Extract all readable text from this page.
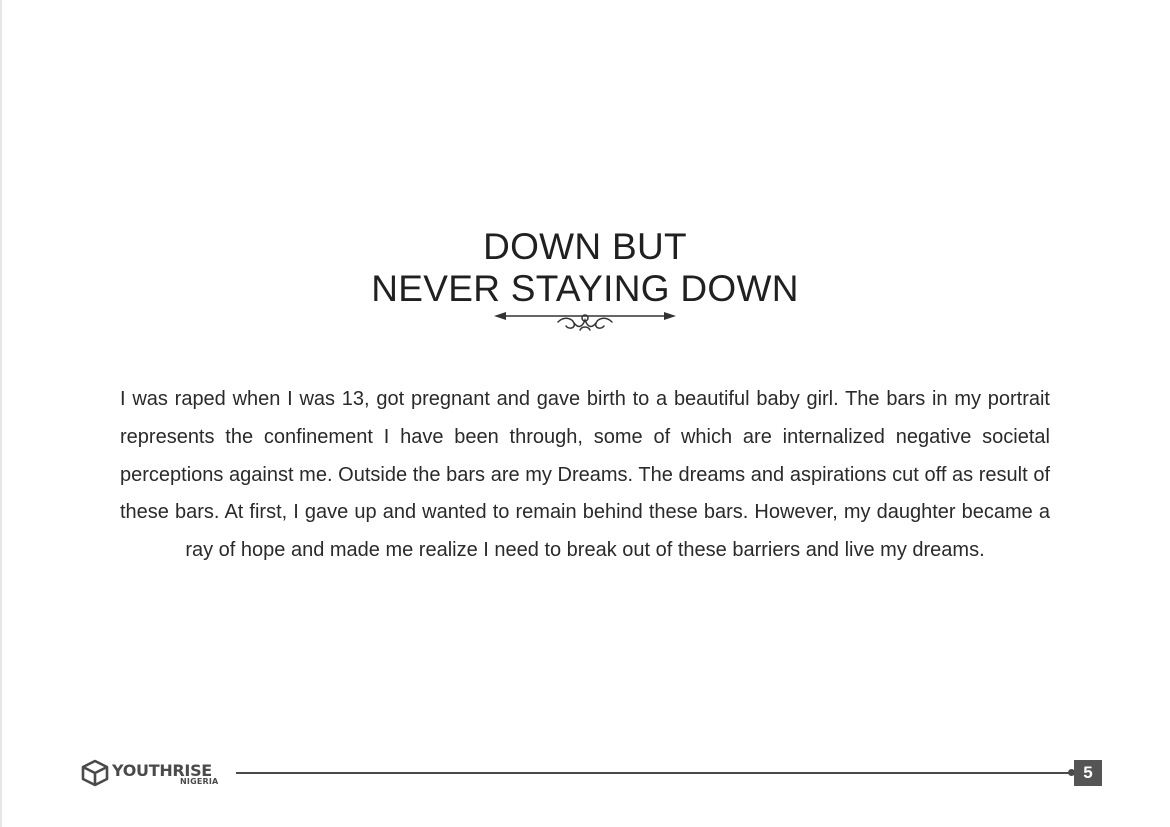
DOWN BUT
NEVER STAYING DOWN

I was raped when I was 13, got pregnant and gave birth to a beautiful baby girl. The bars in my portrait represents the confinement I have been through, some of which are internalized negative societal perceptions against me. Outside the bars are my Dreams. The dreams and aspirations cut off as result of these bars. At first, I gave up and wanted to remain behind these bars. However, my daughter became a ray of hope and made me realize I need to break out of these barriers and live my dreams.

YOUTHRISE
NIGERIA	5
